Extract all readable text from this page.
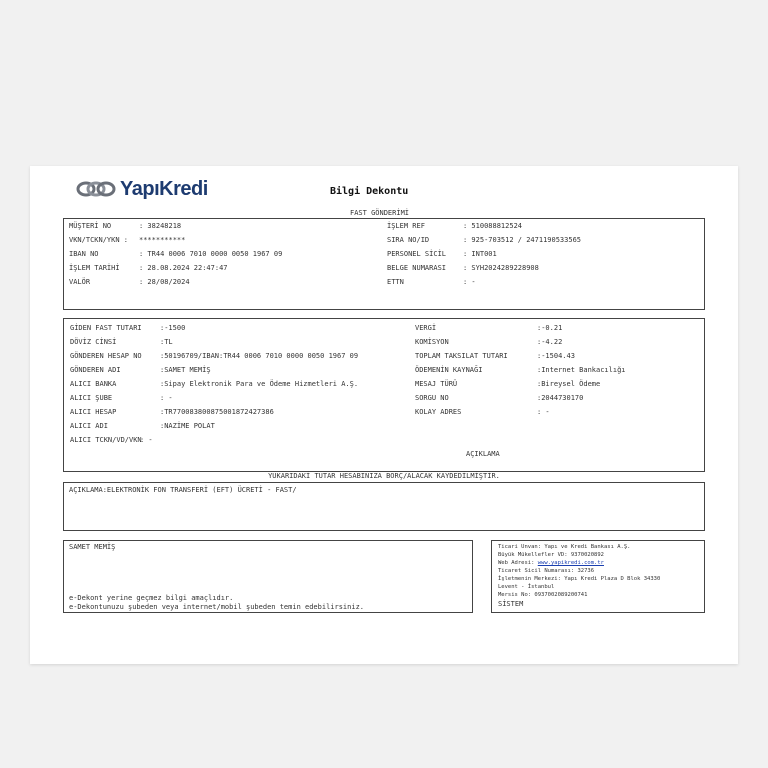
YapıKredi	Bilgi Dekontu
FAST GÖNDERİMİ
MÜŞTERİ NO	: 38248218
VKN/TCKN/YKN : ***********
IBAN NO	: TR44 0006 7010 0000 0050 1967 09
İŞLEM TARİHİ	: 28.08.2024 22:47:47
VALÖR	: 28/08/2024
İŞLEM REF	: 510088812524
SIRA NO/ID	: 925-703512 / 2471190533565
PERSONEL SİCİL : INT001
BELGE NUMARASI : SYH2024289228908
ETTN	: -
GİDEN FAST TUTARI	:-1500
DÖVİZ CİNSİ	:TL
GÖNDEREN HESAP NO	:50196709/IBAN:TR44 0006 7010 0000 0050 1967 09
GÖNDEREN ADI	:SAMET MEMİŞ
ALICI BANKA	:Sipay Elektronik Para ve Ödeme Hizmetleri A.Ş.
ALICI ŞUBE	: -
ALICI HESAP	:TR770083800875001872427386
ALICI ADI	:NAZİME POLAT
ALICI TCKN/VD/VKN: -
VERGİ	:-0.21
KOMİSYON	:-4.22
TOPLAM TAKSILAT TUTARI	:-1504.43
ÖDEMENİN KAYNAĞI	:Internet Bankacılığı
MESAJ TÜRÜ	:Bireysel Ödeme
SORGU NO	:2044730170
KOLAY ADRES	: -
AÇIKLAMA
YUKARIDAKİ TUTAR HESABINIZA BORÇ/ALACAK KAYDEDİLMİŞTİR.
AÇIKLAMA:ELEKTRONİK FON TRANSFERİ (EFT) ÜCRETİ - FAST/
SAMET MEMİŞ
e-Dekont yerine geçmez bilgi amaçlıdır.
e-Dekontunuzu şubeden veya internet/mobil şubeden temin edebilirsiniz.
Ticari Unvan: Yapı ve Kredi Bankası A.Ş.
Büyük Mükellefler VD: 9370020892
Web Adresi: www.yapikredi.com.tr
Ticaret Sicil Numarası: 32736
İşletmenin Merkezi: Yapı Kredi Plaza D Blok 34330
Levent - İstanbul
Mersis No: 0937002089200741
SİSTEM
